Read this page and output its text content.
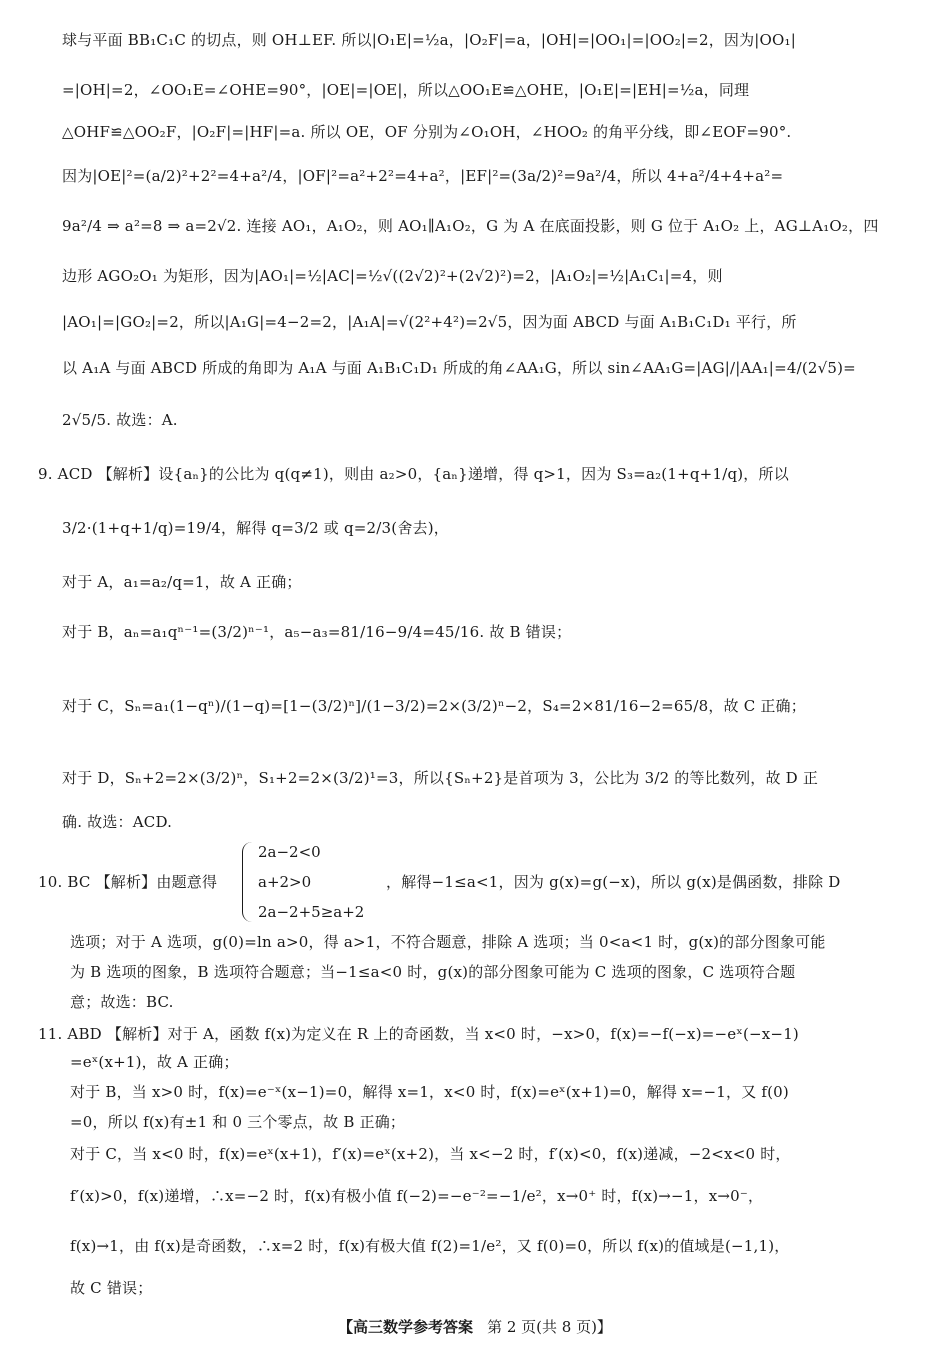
球与平面 BB₁C₁C 的切点，则 OH⊥EF. 所以|O₁E|=½a，|O₂F|=a，|OH|=|OO₁|=|OO₂|=2，因为|OO₁|
=|OH|=2，∠OO₁E=∠OHE=90°，|OE|=|OE|，所以△OO₁E≌△OHE，|O₁E|=|EH|=½a，同理
△OHF≌△OO₂F，|O₂F|=|HF|=a. 所以 OE，OF 分别为∠O₁OH，∠HOO₂ 的角平分线，即∠EOF=90°.
因为|OE|²=(a/2)²+2²=4+a²/4，|OF|²=a²+2²=4+a²，|EF|²=(3a/2)²=9a²/4，所以 4+a²/4+4+a²=
9a²/4 ⇒ a²=8 ⇒ a=2√2. 连接 AO₁，A₁O₂，则 AO₁∥A₁O₂，G 为 A 在底面投影，则 G 位于 A₁O₂ 上，AG⊥A₁O₂，四
边形 AGO₂O₁ 为矩形，因为|AO₁|=½|AC|=½√((2√2)²+(2√2)²)=2，|A₁O₂|=½|A₁C₁|=4，则
|AO₁|=|GO₂|=2，所以|A₁G|=4−2=2，|A₁A|=√(2²+4²)=2√5，因为面 ABCD 与面 A₁B₁C₁D₁ 平行，所
以 A₁A 与面 ABCD 所成的角即为 A₁A 与面 A₁B₁C₁D₁ 所成的角∠AA₁G，所以 sin∠AA₁G=|AG|/|AA₁|=4/(2√5)=
2√5/5. 故选：A.
9. ACD 【解析】设{aₙ}的公比为 q(q≠1)，则由 a₂>0，{aₙ}递增，得 q>1，因为 S₃=a₂(1+q+1/q)，所以
3/2·(1+q+1/q)=19/4，解得 q=3/2 或 q=2/3(舍去)，
对于 A，a₁=a₂/q=1，故 A 正确；
对于 B，aₙ=a₁qⁿ⁻¹=(3/2)ⁿ⁻¹，a₅−a₃=81/16−9/4=45/16. 故 B 错误；
对于 C，Sₙ=a₁(1−qⁿ)/(1−q)=[1−(3/2)ⁿ]/(1−3/2)=2×(3/2)ⁿ−2，S₄=2×81/16−2=65/8，故 C 正确；
对于 D，Sₙ+2=2×(3/2)ⁿ，S₁+2=2×(3/2)¹=3，所以{Sₙ+2}是首项为 3，公比为 3/2 的等比数列，故 D 正
确. 故选：ACD.
10. BC 【解析】由题意得
2a−2<0
a+2>0
2a−2+5≥a+2
，解得−1≤a<1，因为 g(x)=g(−x)，所以 g(x)是偶函数，排除 D
选项；对于 A 选项，g(0)=ln a>0，得 a>1，不符合题意，排除 A 选项；当 0<a<1 时，g(x)的部分图象可能
为 B 选项的图象，B 选项符合题意；当−1≤a<0 时，g(x)的部分图象可能为 C 选项的图象，C 选项符合题
意；故选：BC.
11. ABD 【解析】对于 A，函数 f(x)为定义在 R 上的奇函数，当 x<0 时，−x>0，f(x)=−f(−x)=−eˣ(−x−1)
=eˣ(x+1)，故 A 正确；
对于 B，当 x>0 时，f(x)=e⁻ˣ(x−1)=0，解得 x=1，x<0 时，f(x)=eˣ(x+1)=0，解得 x=−1，又 f(0)
=0，所以 f(x)有±1 和 0 三个零点，故 B 正确；
对于 C，当 x<0 时，f(x)=eˣ(x+1)，f′(x)=eˣ(x+2)，当 x<−2 时，f′(x)<0，f(x)递减，−2<x<0 时，
f′(x)>0，f(x)递增，∴x=−2 时，f(x)有极小值 f(−2)=−e⁻²=−1/e²，x→0⁺ 时，f(x)→−1，x→0⁻，
f(x)→1，由 f(x)是奇函数，∴x=2 时，f(x)有极大值 f(2)=1/e²，又 f(0)=0，所以 f(x)的值域是(−1,1)，
故 C 错误；
【高三数学参考答案 第 2 页(共 8 页)】
